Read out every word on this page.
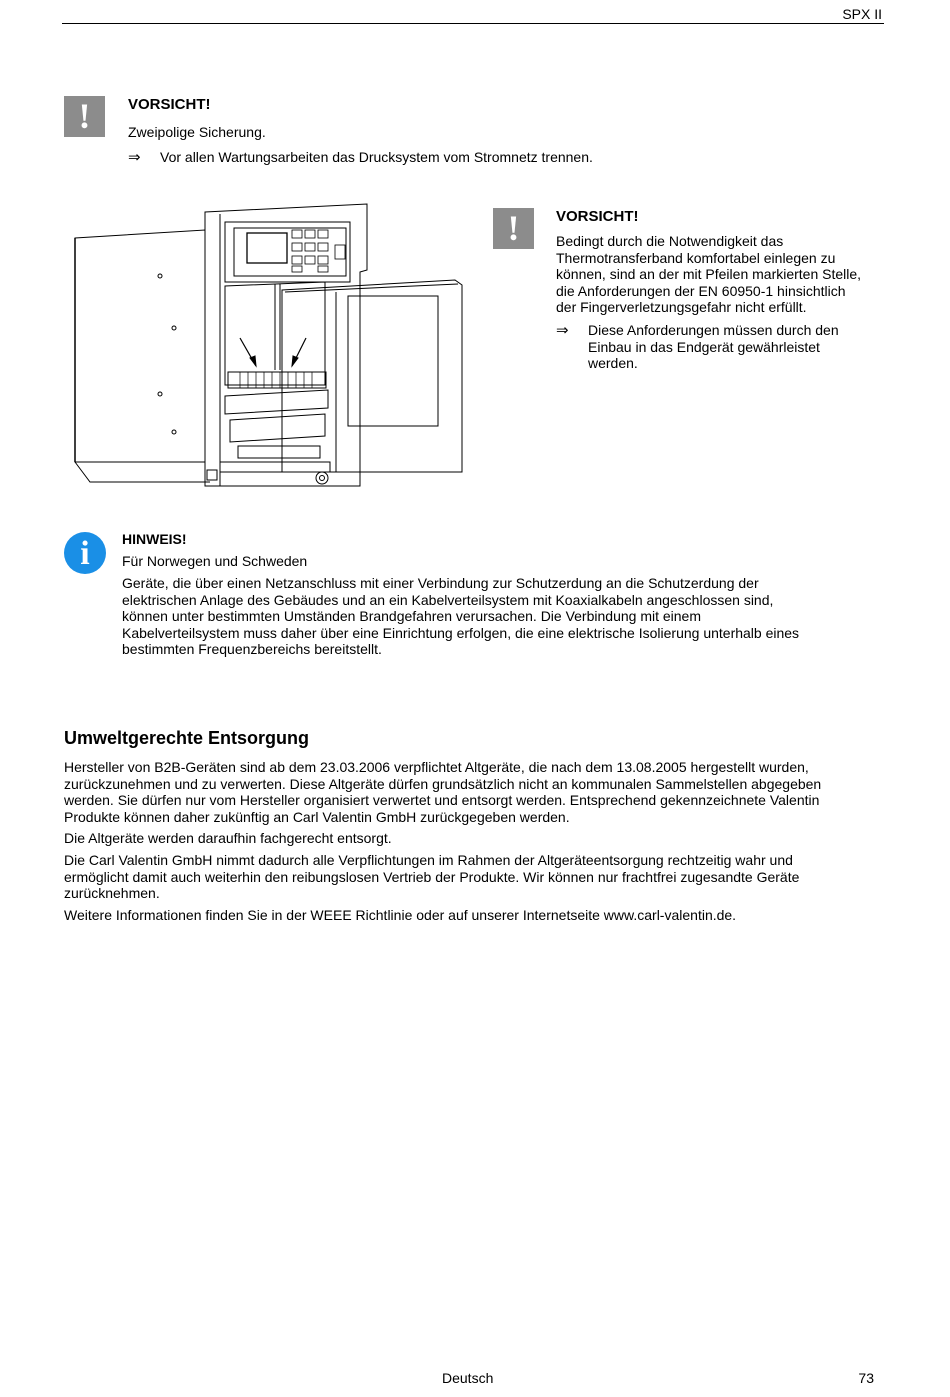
SPX II
!	VORSICHT!
Zweipolige Sicherung.
⇒ Vor allen Wartungsarbeiten das Drucksystem vom Stromnetz trennen.
!	VORSICHT!
Bedingt durch die Notwendigkeit das
Thermotransferband komfortabel einlegen zu
können, sind an der mit Pfeilen markierten Stelle,
die Anforderungen der EN 60950-1 hinsichtlich
der Fingerverletzungsgefahr nicht erfüllt.
⇒ Diese Anforderungen müssen durch den
Einbau in das Endgerät gewährleistet
werden.
i	HINWEIS!
Für Norwegen und Schweden
Geräte, die über einen Netzanschluss mit einer Verbindung zur Schutzerdung an die Schutzerdung der
elektrischen Anlage des Gebäudes und an ein Kabelverteilsystem mit Koaxialkabeln angeschlossen sind,
können unter bestimmten Umständen Brandgefahren verursachen. Die Verbindung mit einem
Kabelverteilsystem muss daher über eine Einrichtung erfolgen, die eine elektrische Isolierung unterhalb eines
bestimmten Frequenzbereichs bereitstellt.
Umweltgerechte Entsorgung
Hersteller von B2B-Geräten sind ab dem 23.03.2006 verpflichtet Altgeräte, die nach dem 13.08.2005 hergestellt wurden,
zurückzunehmen und zu verwerten. Diese Altgeräte dürfen grundsätzlich nicht an kommunalen Sammelstellen abgegeben
werden. Sie dürfen nur vom Hersteller organisiert verwertet und entsorgt werden. Entsprechend gekennzeichnete Valentin
Produkte können daher zukünftig an Carl Valentin GmbH zurückgegeben werden.
Die Altgeräte werden daraufhin fachgerecht entsorgt.
Die Carl Valentin GmbH nimmt dadurch alle Verpflichtungen im Rahmen der Altgeräteentsorgung rechtzeitig wahr und
ermöglicht damit auch weiterhin den reibungslosen Vertrieb der Produkte. Wir können nur frachtfrei zugesandte Geräte
zurücknehmen.
Weitere Informationen finden Sie in der WEEE Richtlinie oder auf unserer Internetseite www.carl-valentin.de.
Deutsch	73
